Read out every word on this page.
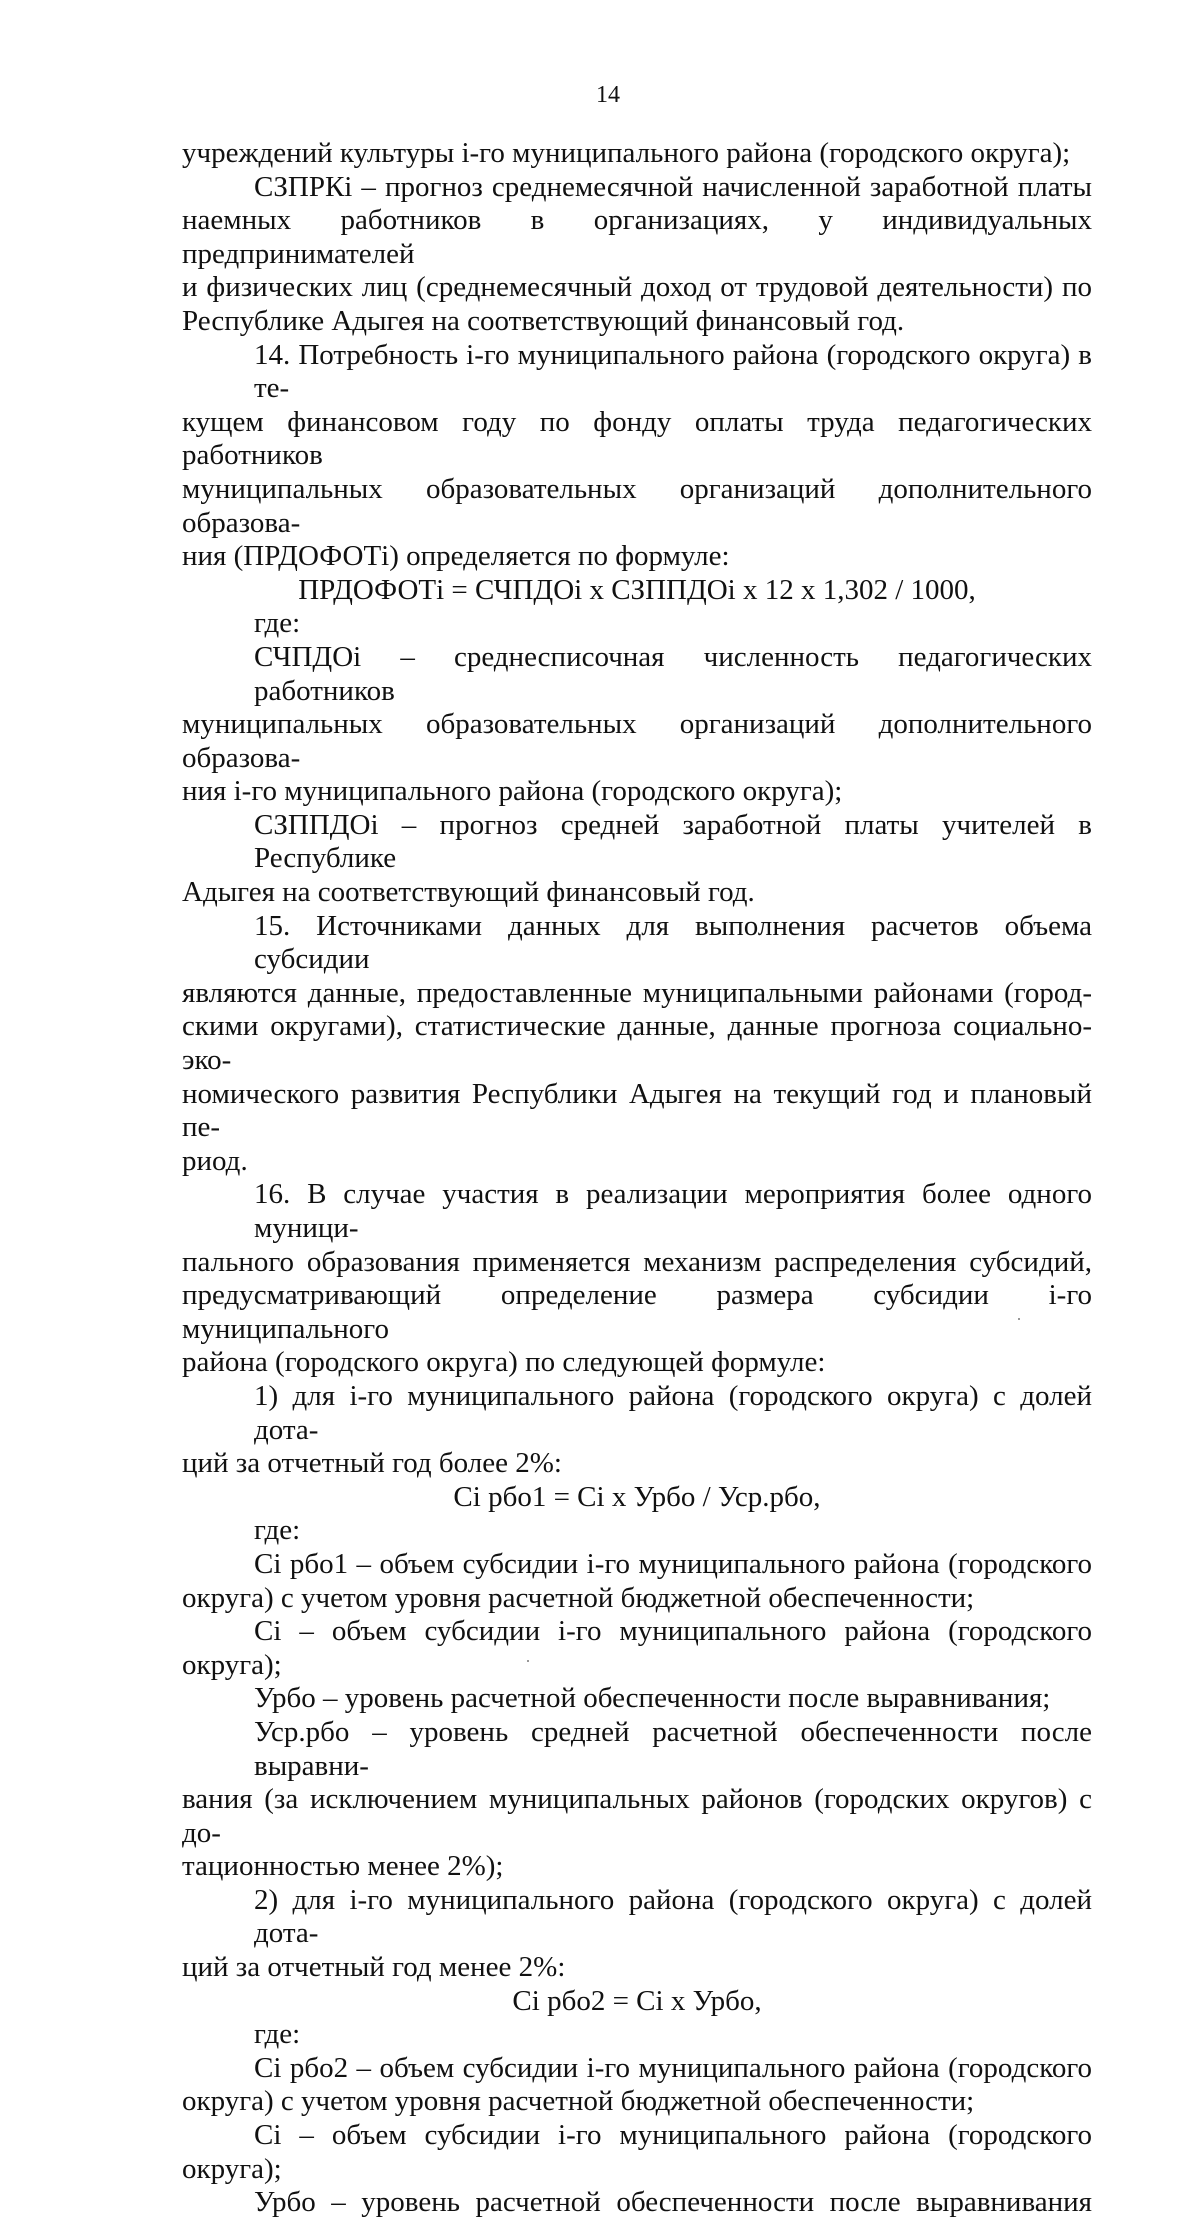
14

учреждений культуры i-го муниципального района (городского округа);

СЗПРКi – прогноз среднемесячной начисленной заработной платы
наемных работников в организациях, у индивидуальных предпринимателей
и физических лиц (среднемесячный доход от трудовой деятельности) по
Республике Адыгея на соответствующий финансовый год.
14. Потребность i-го муниципального района (городского округа) в те-
кущем финансовом году по фонду оплаты труда педагогических работников
муниципальных образовательных организаций дополнительного образова-
ния (ПРДОФОТi) определяется по формуле:

ПРДОФОТi = СЧПДОi x СЗППДОi x 12 x 1,302 / 1000,

где:

СЧПДОi – среднесписочная численность педагогических работников
муниципальных образовательных организаций дополнительного образова-
ния i-го муниципального района (городского округа);
СЗППДОi – прогноз средней заработной платы учителей в Республике
Адыгея на соответствующий финансовый год.
15. Источниками данных для выполнения расчетов объема субсидии
являются данные, предоставленные муниципальными районами (город-
скими округами), статистические данные, данные прогноза социально-эко-
номического развития Республики Адыгея на текущий год и плановый пе-
риод.
16. В случае участия в реализации мероприятия более одного муници-
пального образования применяется механизм распределения субсидий,
предусматривающий определение размера субсидии i-го муниципального
района (городского округа) по следующей формуле:
1) для i-го муниципального района (городского округа) с долей дота-
ций за отчетный год более 2%:

Ci рбо1 = Ci x Урбо / Уср.рбо,

где:

Ci рбо1 – объем субсидии i-го муниципального района (городского
округа) с учетом уровня расчетной бюджетной обеспеченности;

Ci – объем субсидии i-го муниципального района (городского округа);

Урбо – уровень расчетной обеспеченности после выравнивания;

Уср.рбо – уровень средней расчетной обеспеченности после выравни-
вания (за исключением муниципальных районов (городских округов) с до-
тационностью менее 2%);
2) для i-го муниципального района (городского округа) с долей дота-
ций за отчетный год менее 2%:

Ci рбо2 = Ci x Урбо,

где:

Ci рбо2 – объем субсидии i-го муниципального района (городского
округа) с учетом уровня расчетной бюджетной обеспеченности;

Ci – объем субсидии i-го муниципального района (городского округа);

Урбо – уровень расчетной обеспеченности после выравнивания
